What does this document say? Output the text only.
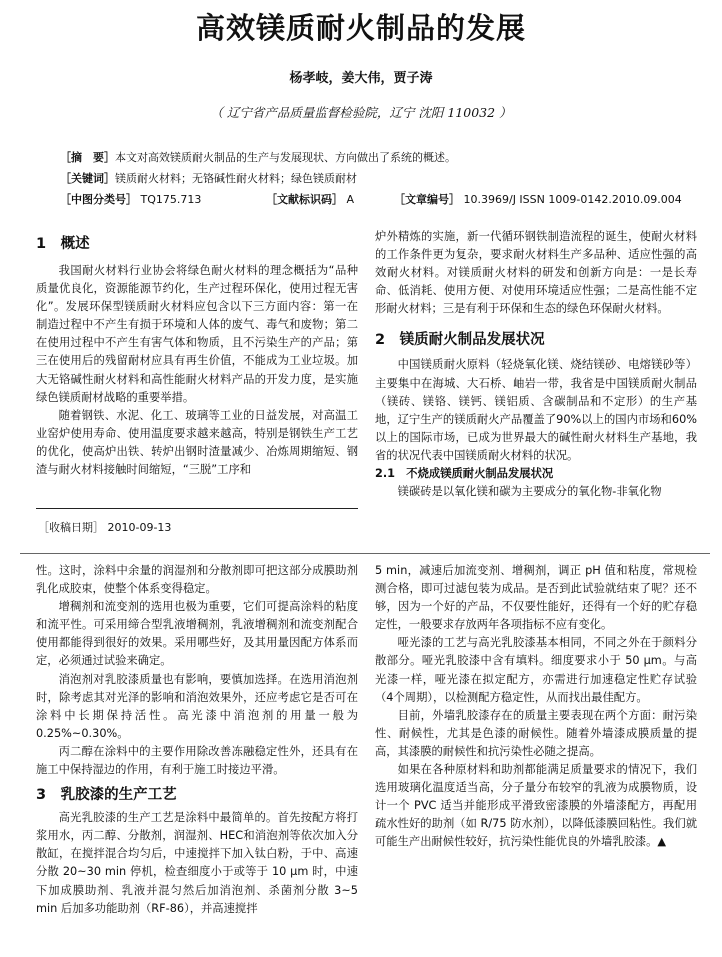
高效镁质耐火制品的发展
杨孝岐，姜大伟，贾子涛
（ 辽宁省产品质量监督检验院，辽宁 沈阳 110032 ）
［摘　要］本文对高效镁质耐火制品的生产与发展现状、方向做出了系统的概述。
［关键词］镁质耐火材料；无铬碱性耐火材料；绿色镁质耐材
［中图分类号］ TQ175.713	［文献标识码］ A	［文章编号］ 10.3969/J ISSN 1009-0142.2010.09.004
1　概述

我国耐火材料行业协会将绿色耐火材料的理念概括为“品种质量优良化，资源能源节约化，生产过程环保化，使用过程无害化”。发展环保型镁质耐火材料应包含以下三方面内容：第一在制造过程中不产生有损于环境和人体的废气、毒气和废物；第二在使用过程中不产生有害气体和物质，且不污染生产的产品；第三在使用后的残留耐材应具有再生价值，不能成为工业垃圾。加大无铬碱性耐火材料和高性能耐火材料产品的开发力度，是实施绿色镁质耐材战略的重要举措。

随着钢铁、水泥、化工、玻璃等工业的日益发展，对高温工业窑炉使用寿命、使用温度要求越来越高，特别是钢铁生产工艺的优化，使高炉出铁、转炉出钢时渣量减少、冶炼周期缩短、钢渣与耐火材料接触时间缩短，“三脱”工序和

［收稿日期］ 2010-09-13

炉外精炼的实施，新一代循环钢铁制造流程的诞生，使耐火材料的工作条件更为复杂，要求耐火材料生产多品种、适应性强的高效耐火材料。对镁质耐火材料的研发和创新方向是：一是长寿命、低消耗、使用方便、对使用环境适应性强；二是高性能不定形耐火材料；三是有利于环保和生态的绿色环保耐火材料。

2　镁质耐火制品发展状况

中国镁质耐火原料（轻烧氧化镁、烧结镁砂、电熔镁砂等）主要集中在海城、大石桥、岫岩一带，我省是中国镁质耐火制品（镁砖、镁铬、镁钙、镁铝质、含碳制品和不定形）的生产基地，辽宁生产的镁质耐火产品覆盖了90%以上的国内市场和60%以上的国际市场，已成为世界最大的碱性耐火材料生产基地，我省的状况代表中国镁质耐火材料的状况。

2.1　不烧成镁质耐火制品发展状况

镁碳砖是以氧化镁和碳为主要成分的氧化物-非氧化物

性。这时，涂料中余量的润湿剂和分散剂即可把这部分成膜助剂乳化成胶束，使整个体系变得稳定。

增稠剂和流变剂的选用也极为重要，它们可提高涂料的粘度和流平性。可采用缔合型乳液增稠剂，乳液增稠剂和流变剂配合使用都能得到很好的效果。采用哪些好，及其用量因配方体系而定，必须通过试验来确定。

消泡剂对乳胶漆质量也有影响，要慎加选择。在选用消泡剂时，除考虑其对光泽的影响和消泡效果外，还应考虑它是否可在涂料中长期保持活性。高光漆中消泡剂的用量一般为0.25%~0.30%。

丙二醇在涂料中的主要作用除改善冻融稳定性外，还具有在施工中保持湿边的作用，有利于施工时接边平滑。

3　乳胶漆的生产工艺

高光乳胶漆的生产工艺是涂料中最简单的。首先按配方将打浆用水，丙二醇、分散剂，润湿剂、HEC和消泡剂等依次加入分散缸，在搅拌混合均匀后，中速搅拌下加入钛白粉，于中、高速分散 20~30 min 停机，检查细度小于或等于 10 μm 时，中速下加成膜助剂、乳液并混匀然后加消泡剂、杀菌剂分散 3~5 min 后加多功能助剂（RF-86），并高速搅拌

5 min，减速后加流变剂、增稠剂，调正 pH 值和粘度，常规检测合格，即可过滤包装为成品。是否到此试验就结束了呢？还不够，因为一个好的产品，不仅要性能好，还得有一个好的贮存稳定性，一般要求存放两年各项指标不应有变化。

哑光漆的工艺与高光乳胶漆基本相同，不同之外在于颜料分散部分。哑光乳胶漆中含有填料。细度要求小于 50 μm。与高光漆一样，哑光漆在拟定配方，亦需进行加速稳定性贮存试验（4个周期），以检测配方稳定性，从而找出最佳配方。

目前，外墙乳胶漆存在的质量主要表现在两个方面：耐污染性、耐候性，尤其是色漆的耐候性。随着外墙漆成膜质量的提高，其漆膜的耐候性和抗污染性必随之提高。

如果在各种原材料和助剂都能满足质量要求的情况下，我们选用玻璃化温度适当高，分子量分布较窄的乳液为成膜物质，设计一个 PVC 适当并能形成平滑致密漆膜的外墙漆配方，再配用疏水性好的助剂（如 R/75 防水剂），以降低漆膜回粘性。我们就可能生产出耐候性较好，抗污染性能优良的外墙乳胶漆。▲
